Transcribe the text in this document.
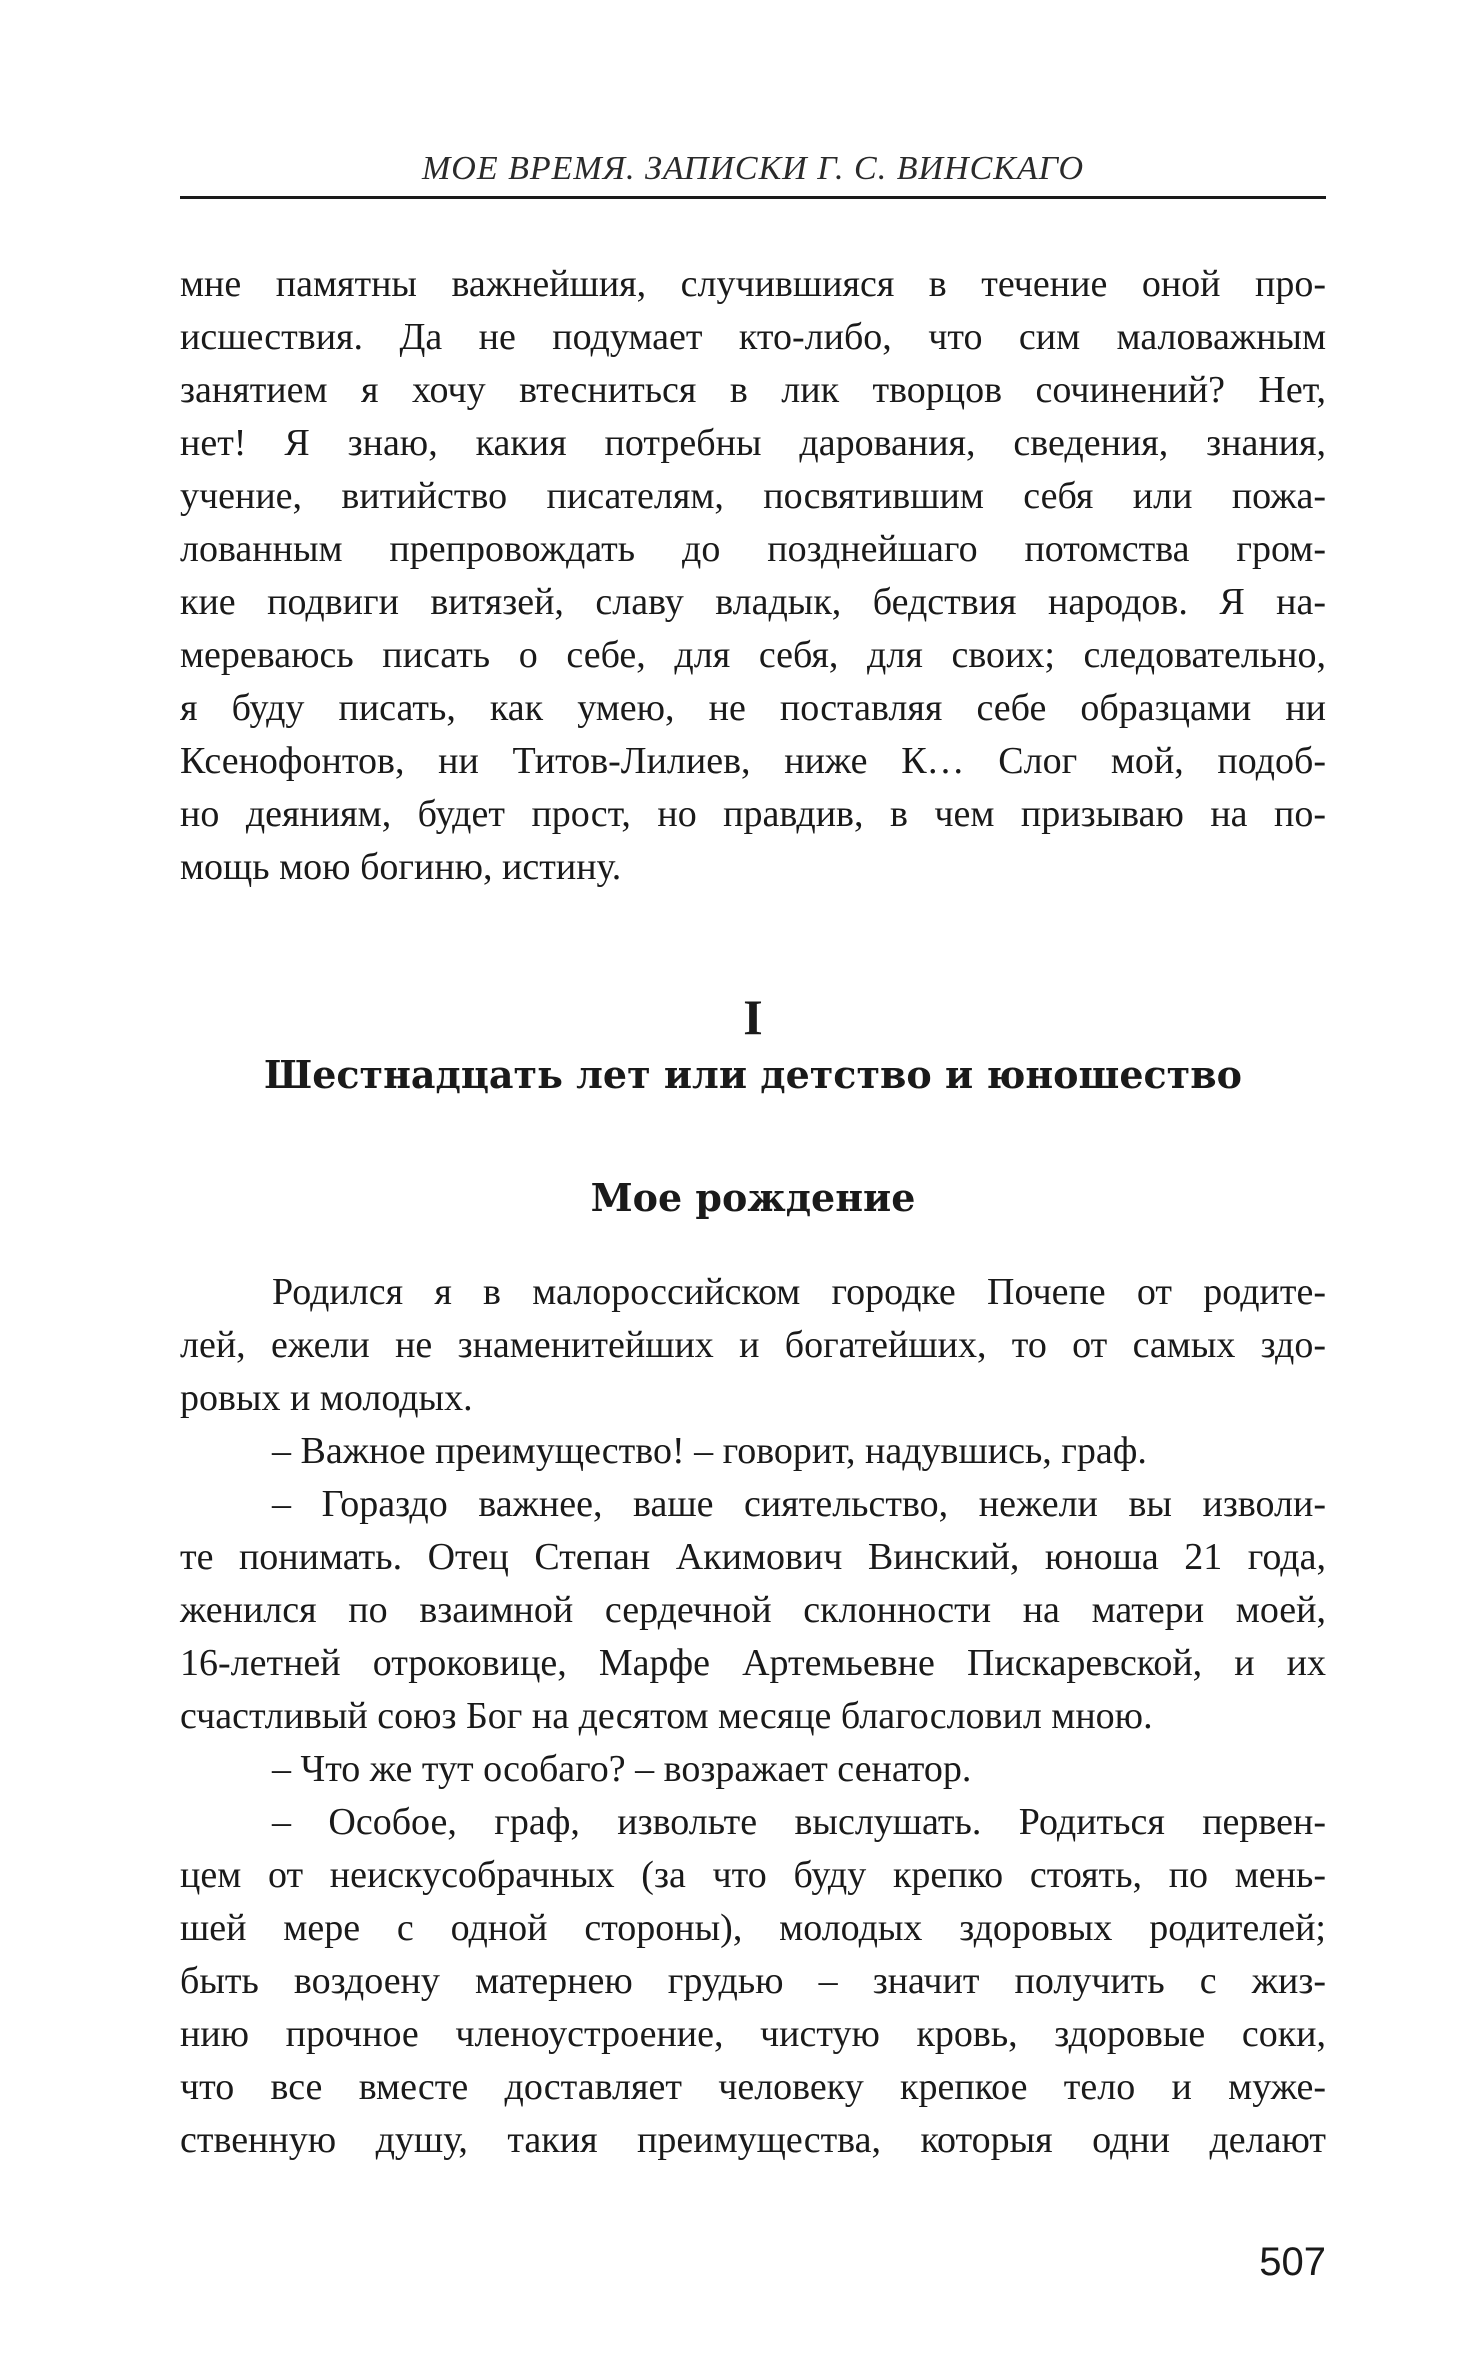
МОЕ ВРЕМЯ. ЗАПИСКИ Г. С. ВИНСКАГО

мне памятны важнейшия, случившияся в течение оной про-
исшествия. Да не подумает кто-либо, что сим маловажным
занятием я хочу втесниться в лик творцов сочинений? Нет,
нет! Я знаю, какия потребны дарования, сведения, знания,
учение, витийство писателям, посвятившим себя или пожа-
лованным препровождать до позднейшаго потомства гром-
кие подвиги витязей, славу владык, бедствия народов. Я на-
мереваюсь писать о себе, для себя, для своих; следовательно,
я буду писать, как умею, не поставляя себе образцами ни
Ксенофонтов, ни Титов-Лилиев, ниже К… Слог мой, подоб-
но деяниям, будет прост, но правдив, в чем призываю на по-
мощь мою богиню, истину.

I
Шестнадцать лет или детство и юношество
Мое рождение

Родился я в малороссийском городке Почепе от родите-
лей, ежели не знаменитейших и богатейших, то от самых здо-
ровых и молодых.
– Важное преимущество! – говорит, надувшись, граф.
– Гораздо важнее, ваше сиятельство, нежели вы изволи-
те понимать. Отец Степан Акимович Винский, юноша 21 года,
женился по взаимной сердечной склонности на матери моей,
16-летней отроковице, Марфе Артемьевне Пискаревской, и их
счастливый союз Бог на десятом месяце благословил мною.
– Что же тут особаго? – возражает сенатор.
– Особое, граф, извольте выслушать. Родиться первен-
цем от неискусобрачных (за что буду крепко стоять, по мень-
шей мере с одной стороны), молодых здоровых родителей;
быть воздоену матернею грудью – значит получить с жиз-
нию прочное членоустроение, чистую кровь, здоровые соки,
что все вместе доставляет человеку крепкое тело и муже-
ственную душу, такия преимущества, которыя одни делают

507
